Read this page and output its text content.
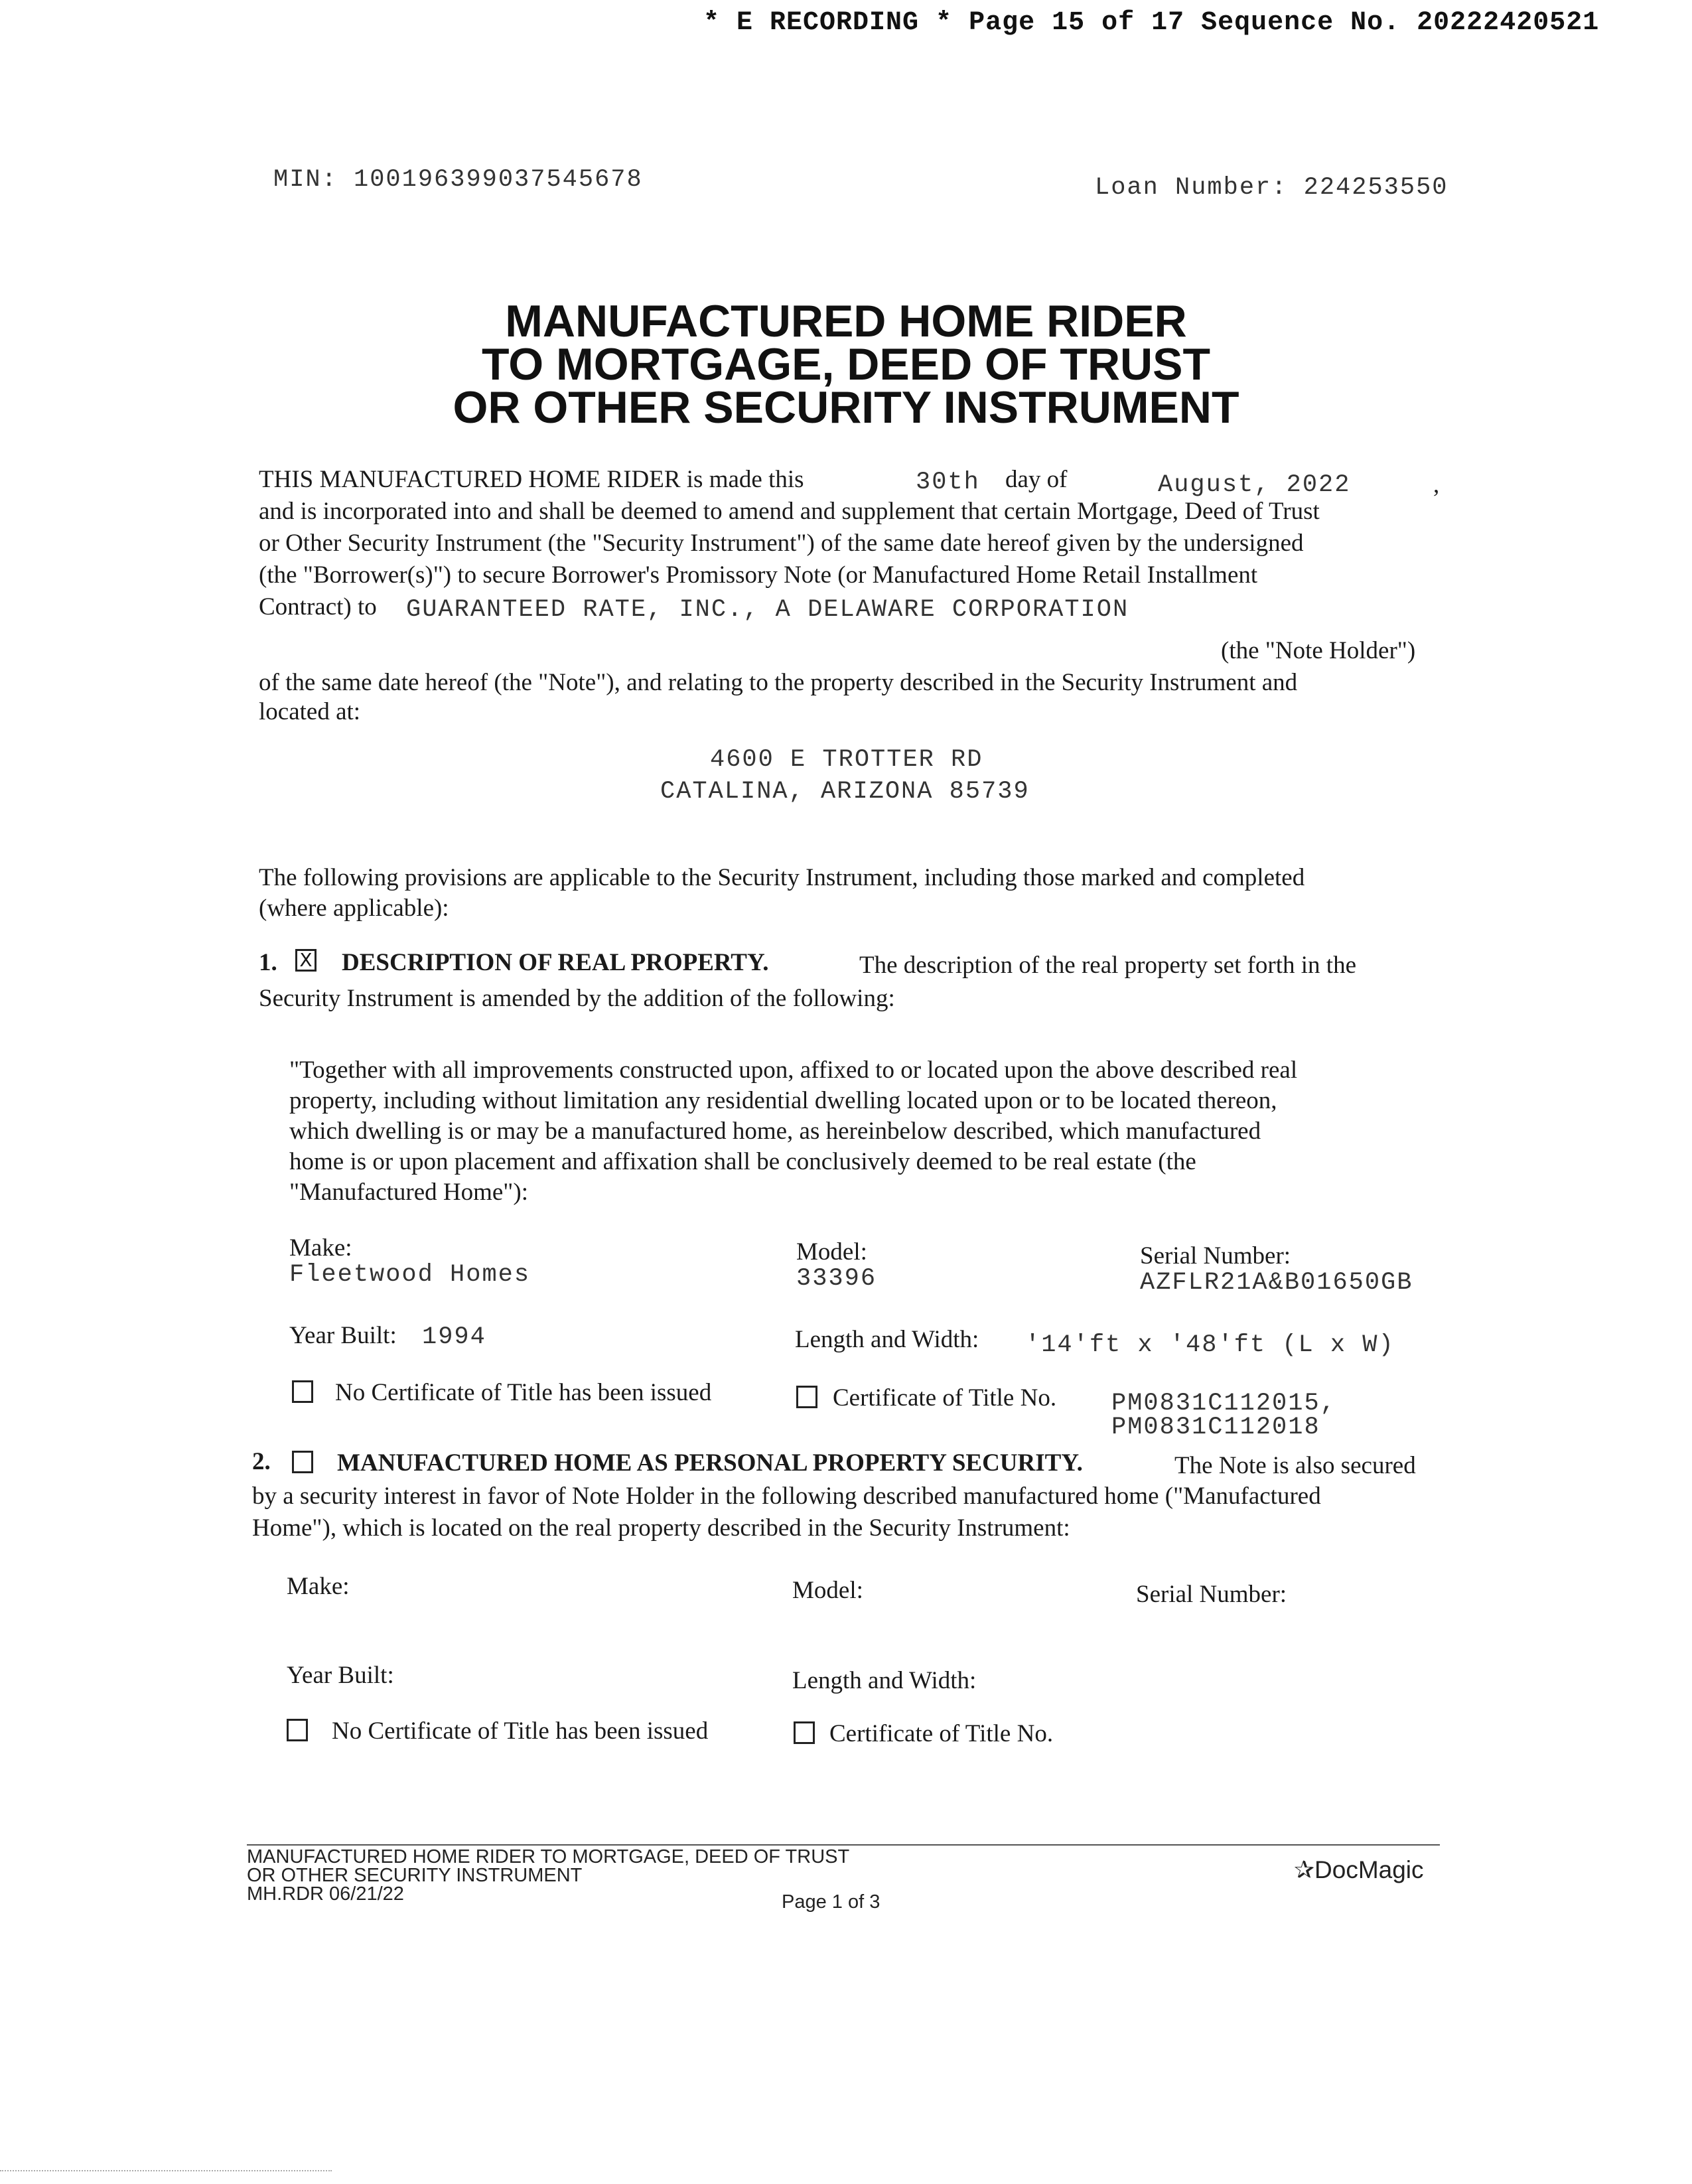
* E RECORDING * Page 15 of 17 Sequence No. 20222420521
MIN: 100196399037545678	Loan Number: 224253550
MANUFACTURED HOME RIDER
TO MORTGAGE, DEED OF TRUST
OR OTHER SECURITY INSTRUMENT
THIS MANUFACTURED HOME RIDER is made this	30th day of	August, 2022	,
and is incorporated into and shall be deemed to amend and supplement that certain Mortgage, Deed of Trust
or Other Security Instrument (the "Security Instrument") of the same date hereof given by the undersigned
(the "Borrower(s)") to secure Borrower's Promissory Note (or Manufactured Home Retail Installment
Contract) to GUARANTEED RATE, INC., A DELAWARE CORPORATION
(the "Note Holder")
of the same date hereof (the "Note"), and relating to the property described in the Security Instrument and
located at:
4600 E TROTTER RD
CATALINA, ARIZONA 85739
The following provisions are applicable to the Security Instrument, including those marked and completed
(where applicable):
1. X DESCRIPTION OF REAL PROPERTY.	The description of the real property set forth in the
Security Instrument is amended by the addition of the following:
"Together with all improvements constructed upon, affixed to or located upon the above described real
property, including without limitation any residential dwelling located upon or to be located thereon,
which dwelling is or may be a manufactured home, as hereinbelow described, which manufactured
home is or upon placement and affixation shall be conclusively deemed to be real estate (the
"Manufactured Home"):
Make:
Fleetwood Homes
Model:
33396
Serial Number:
AZFLR21A&B01650GB
Year Built: 1994	Length and Width: '14'ft x '48'ft (L x W)
No Certificate of Title has been issued	Certificate of Title No. PM0831C112015,
PM0831C112018
2.	MANUFACTURED HOME AS PERSONAL PROPERTY SECURITY.	The Note is also secured
by a security interest in favor of Note Holder in the following described manufactured home ("Manufactured
Home"), which is located on the real property described in the Security Instrument:
Make:	Model:	Serial Number:
Year Built:	Length and Width:
No Certificate of Title has been issued	Certificate of Title No.
MANUFACTURED HOME RIDER TO MORTGAGE, DEED OF TRUST
OR OTHER SECURITY INSTRUMENT
MH.RDR 06/21/22	Page 1 of 3
✰DocMagic
